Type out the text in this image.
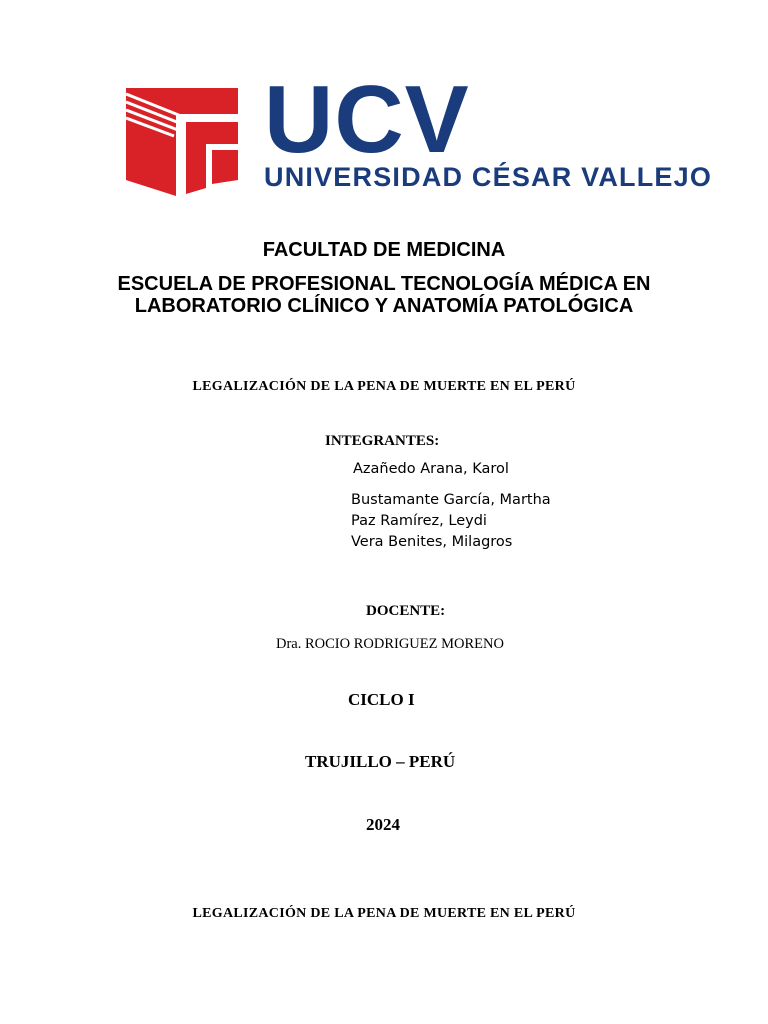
UCV
UNIVERSIDAD CÉSAR VALLEJO
FACULTAD DE MEDICINA
ESCUELA DE PROFESIONAL TECNOLOGÍA MÉDICA EN LABORATORIO CLÍNICO Y ANATOMÍA PATOLÓGICA
LEGALIZACIÓN DE LA PENA DE MUERTE EN EL PERÚ
INTEGRANTES:
Azañedo Arana, Karol
Bustamante García, Martha
Paz Ramírez, Leydi
Vera Benites, Milagros
DOCENTE:
Dra. ROCIO RODRIGUEZ MORENO
CICLO I
TRUJILLO – PERÚ
2024
LEGALIZACIÓN DE LA PENA DE MUERTE EN EL PERÚ
